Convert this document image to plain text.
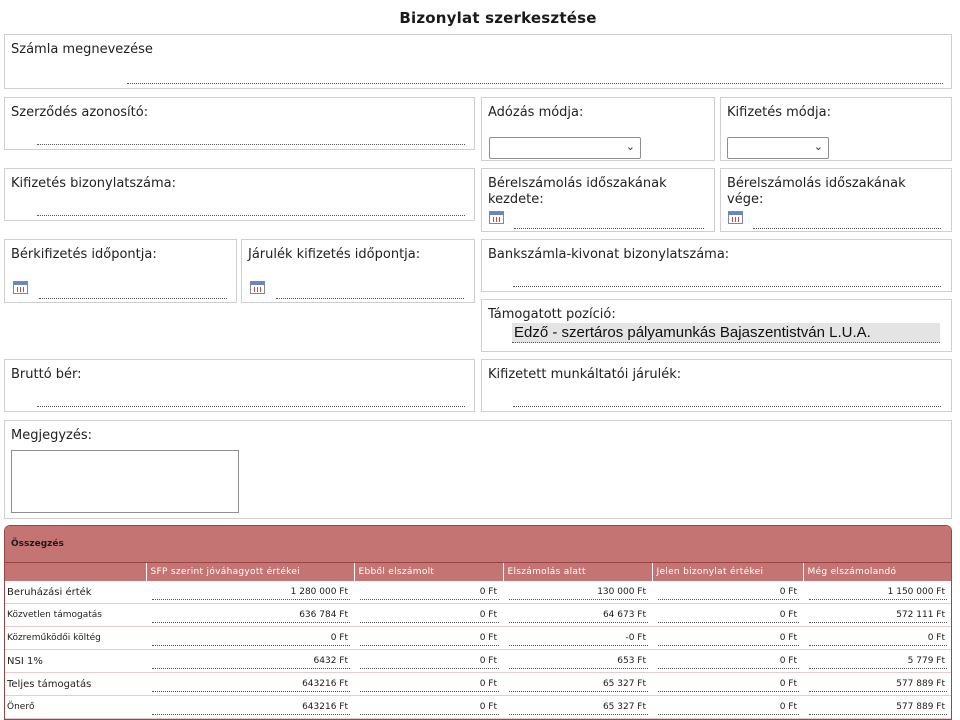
Bizonylat szerkesztése
Számla megnevezése
Szerződés azonosító:	Adózás módja:
⌄
Kifizetés módja:
⌄
Kifizetés bizonylatszáma:	Bérelszámolás időszakának kezdete:
Bérelszámolás időszakának vége:
Bérkifizetés időpontja:	Járulék kifizetés időpontja:	Bankszámla-kivonat bizonylatszáma:
Támogatott pozíció:
Edző - szertáros pályamunkás Bajaszentistván L.U.A.
Bruttó bér:	Kifizetett munkáltatói járulék:
Megjegyzés:
Összegzés
	SFP szerint jóváhagyott értékei	Ebből elszámolt	Elszámolás alatt	Jelen bizonylat értékei	Még elszámolandó
Beruházási érték	1 280 000 Ft	0 Ft	130 000 Ft	0 Ft	1 150 000 Ft

Közvetlen támogatás	636 784 Ft	0 Ft	64 673 Ft	0 Ft	572 111 Ft

Közreműködői költég	0 Ft	0 Ft	-0 Ft	0 Ft	0 Ft

NSI 1%	6432 Ft	0 Ft	653 Ft	0 Ft	5 779 Ft

Teljes támogatás	643216 Ft	0 Ft	65 327 Ft	0 Ft	577 889 Ft

Önerő	643216 Ft	0 Ft	65 327 Ft	0 Ft	577 889 Ft
